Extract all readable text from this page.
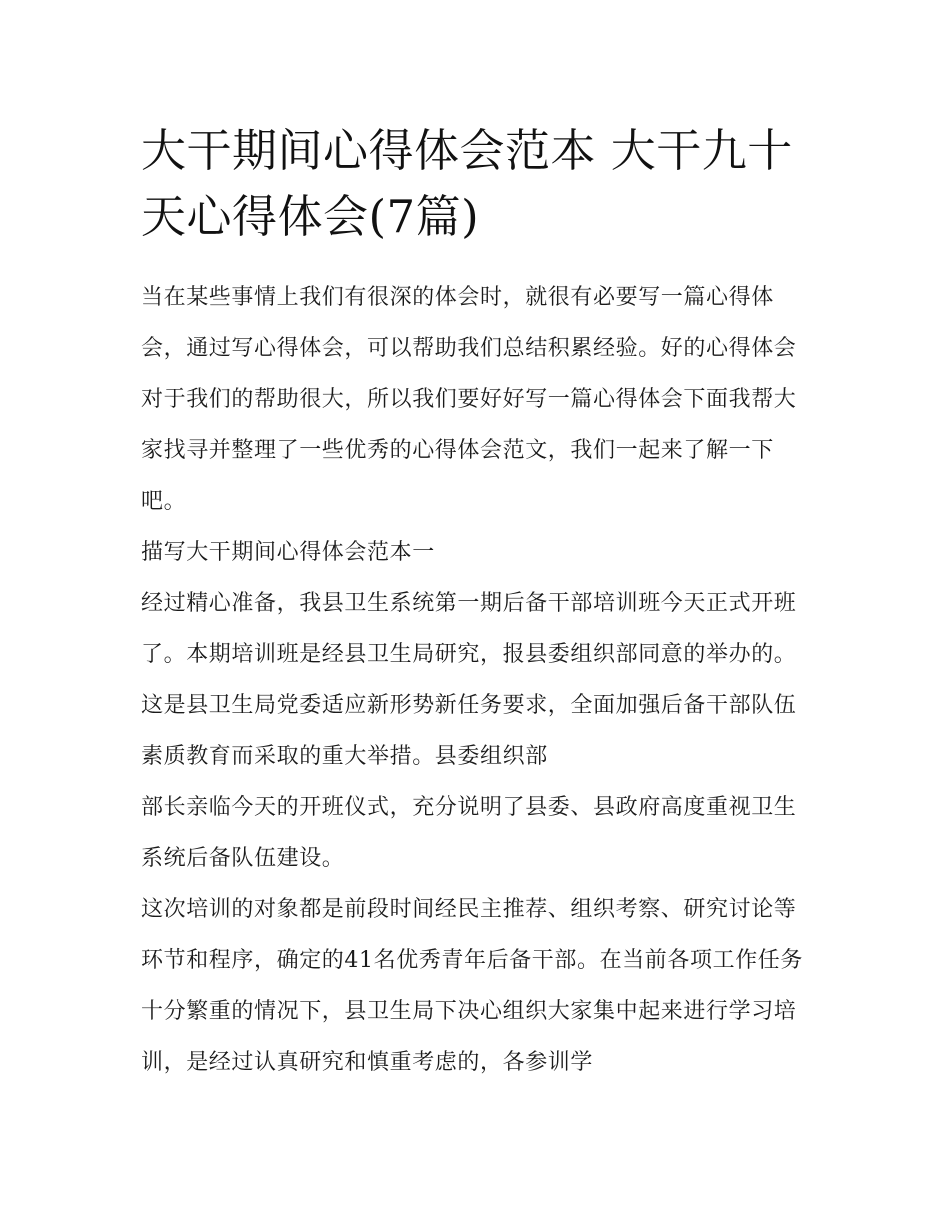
大干期间心得体会范本 大干九十天心得体会(7篇)

当在某些事情上我们有很深的体会时，就很有必要写一篇心得体会，通过写心得体会，可以帮助我们总结积累经验。好的心得体会对于我们的帮助很大，所以我们要好好写一篇心得体会下面我帮大家找寻并整理了一些优秀的心得体会范文，我们一起来了解一下吧。

描写大干期间心得体会范本一

经过精心准备，我县卫生系统第一期后备干部培训班今天正式开班了。本期培训班是经县卫生局研究，报县委组织部同意的举办的。这是县卫生局党委适应新形势新任务要求，全面加强后备干部队伍素质教育而采取的重大举措。县委组织部

部长亲临今天的开班仪式，充分说明了县委、县政府高度重视卫生系统后备队伍建设。

这次培训的对象都是前段时间经民主推荐、组织考察、研究讨论等环节和程序，确定的41名优秀青年后备干部。在当前各项工作任务十分繁重的情况下，县卫生局下决心组织大家集中起来进行学习培训，是经过认真研究和慎重考虑的，各参训学
